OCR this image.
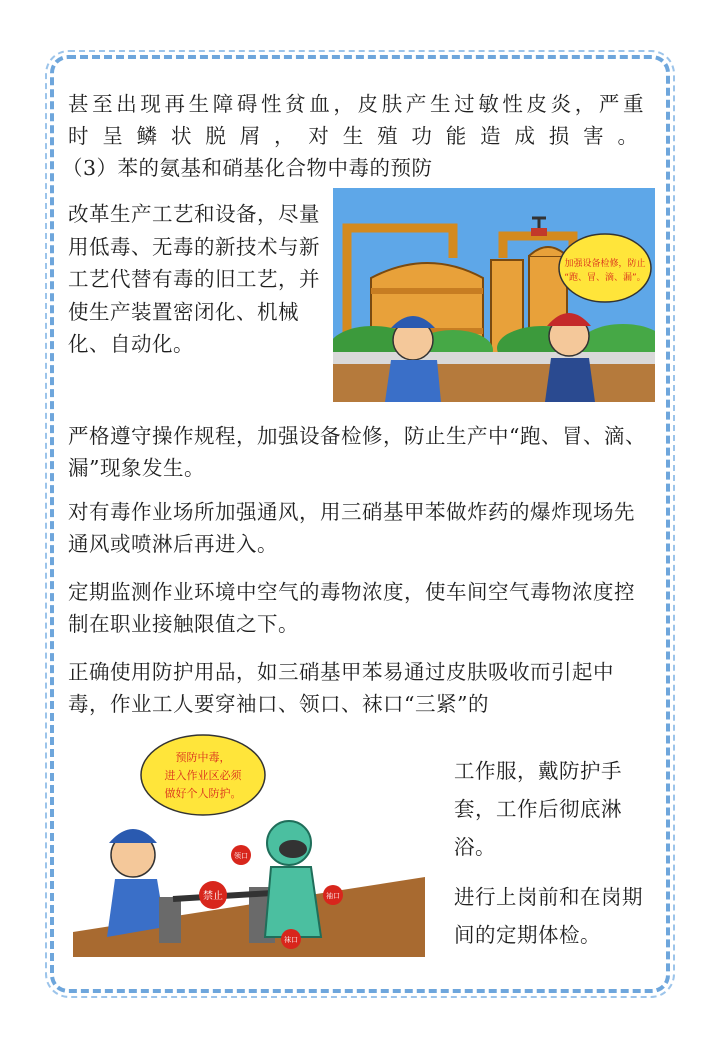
甚至出现再生障碍性贫血，皮肤产生过敏性皮炎，严重
时呈鳞状脱屑，对生殖功能造成损害。

（3）苯的氨基和硝基化合物中毒的预防

改革生产工艺和设备，尽量用低毒、无毒的新技术与新工艺代替有毒的旧工艺，并使生产装置密闭化、机械化、自动化。

加强设备检修，防止
“跑、冒、滴、漏”。

严格遵守操作规程，加强设备检修，防止生产中“跑、冒、滴、漏”现象发生。

对有毒作业场所加强通风，用三硝基甲苯做炸药的爆炸现场先通风或喷淋后再进入。

定期监测作业环境中空气的毒物浓度，使车间空气毒物浓度控制在职业接触限值之下。

正确使用防护用品，如三硝基甲苯易通过皮肤吸收而引起中毒，作业工人要穿袖口、领口、袜口“三紧”的

预防中毒，
进入作业区必须
做好个人防护。
禁止
领口
袖口
袜口

工作服，戴防护手套，工作后彻底淋浴。

进行上岗前和在岗期间的定期体检。
